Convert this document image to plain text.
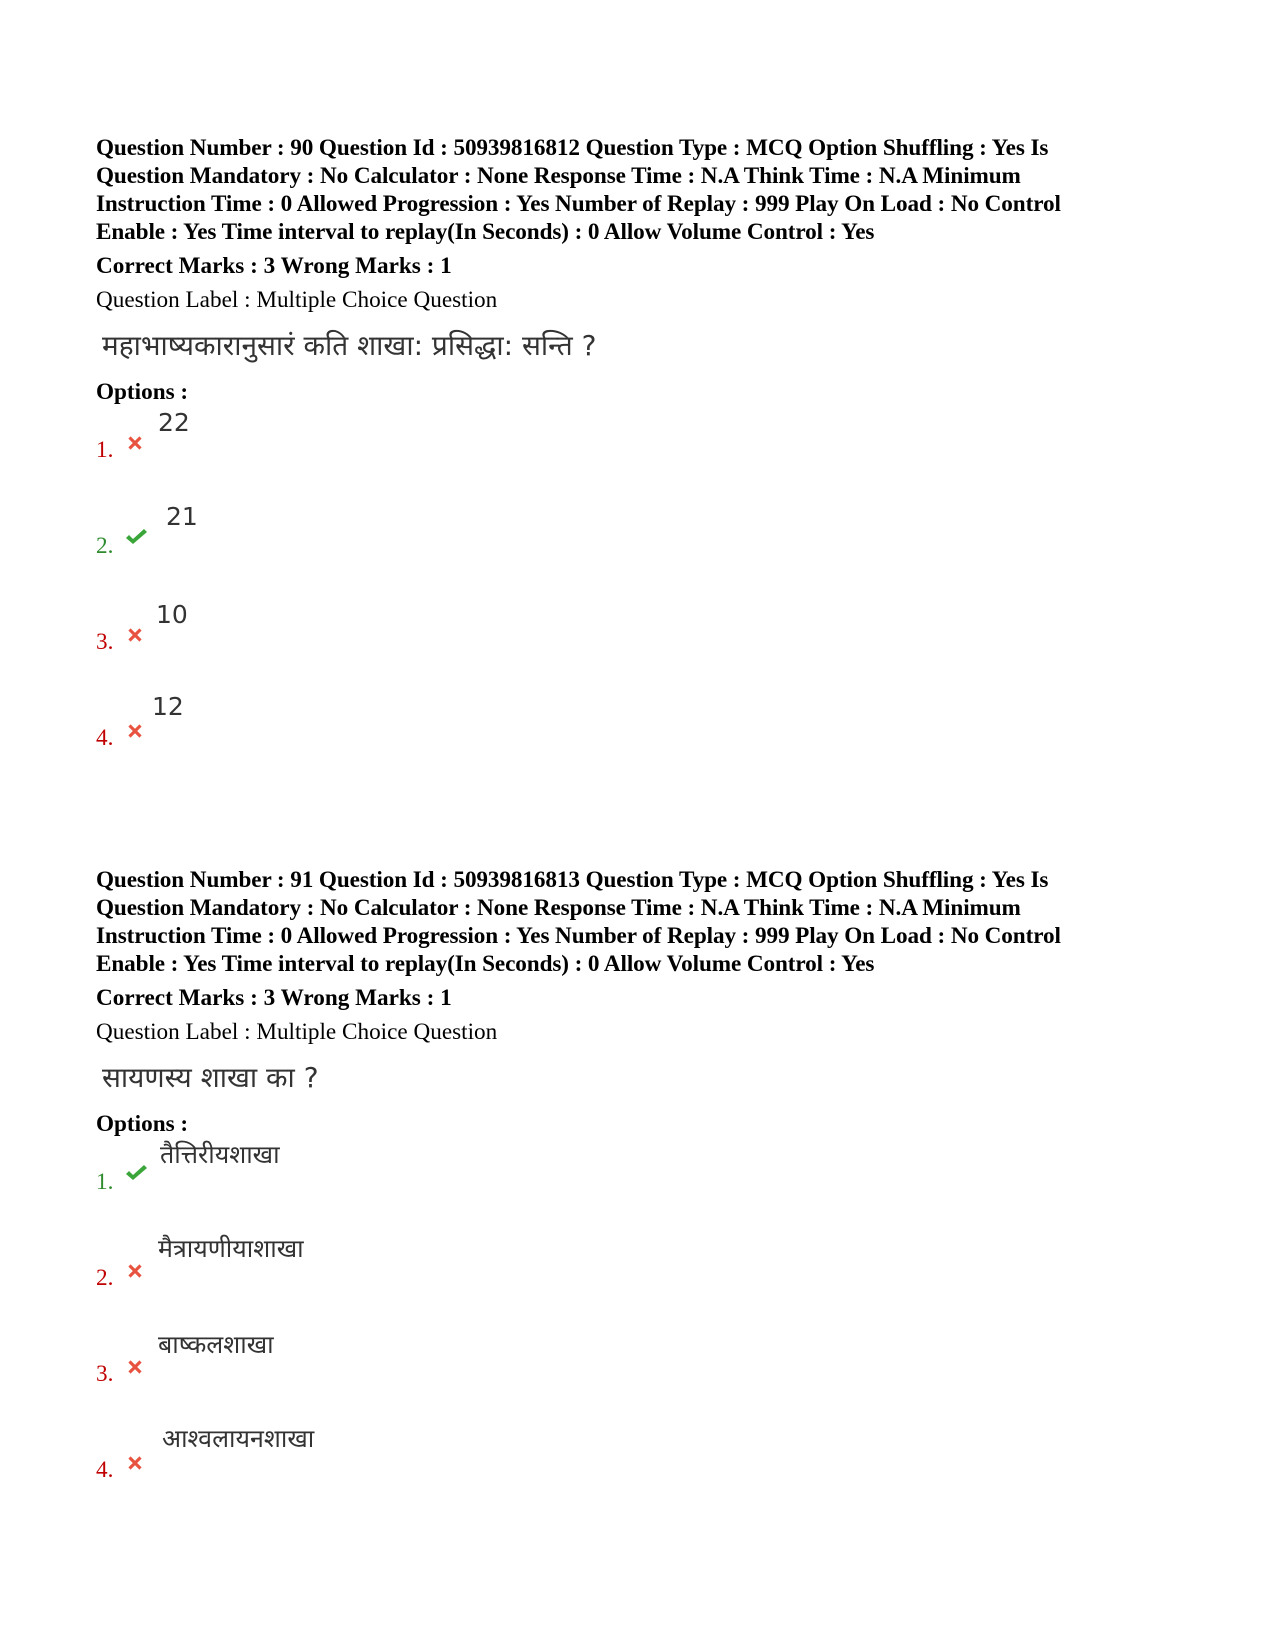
Question Number : 90 Question Id : 50939816812 Question Type : MCQ Option Shuffling : Yes Is
Question Mandatory : No Calculator : None Response Time : N.A Think Time : N.A Minimum
Instruction Time : 0 Allowed Progression : Yes Number of Replay : 999 Play On Load : No Control
Enable : Yes Time interval to replay(In Seconds) : 0 Allow Volume Control : Yes
Correct Marks : 3 Wrong Marks : 1
Question Label : Multiple Choice Question
महाभाष्यकारानुसारं कति शाखा: प्रसिद्धा: सन्ति ?
Options :
1.
22
2.
21
3.
10
4.
12
Question Number : 91 Question Id : 50939816813 Question Type : MCQ Option Shuffling : Yes Is
Question Mandatory : No Calculator : None Response Time : N.A Think Time : N.A Minimum
Instruction Time : 0 Allowed Progression : Yes Number of Replay : 999 Play On Load : No Control
Enable : Yes Time interval to replay(In Seconds) : 0 Allow Volume Control : Yes
Correct Marks : 3 Wrong Marks : 1
Question Label : Multiple Choice Question
सायणस्य शाखा का ?
Options :
1.
तैत्तिरीयशाखा
2.
मैत्रायणीयाशाखा
3.
बाष्कलशाखा
4.
आश्वलायनशाखा
